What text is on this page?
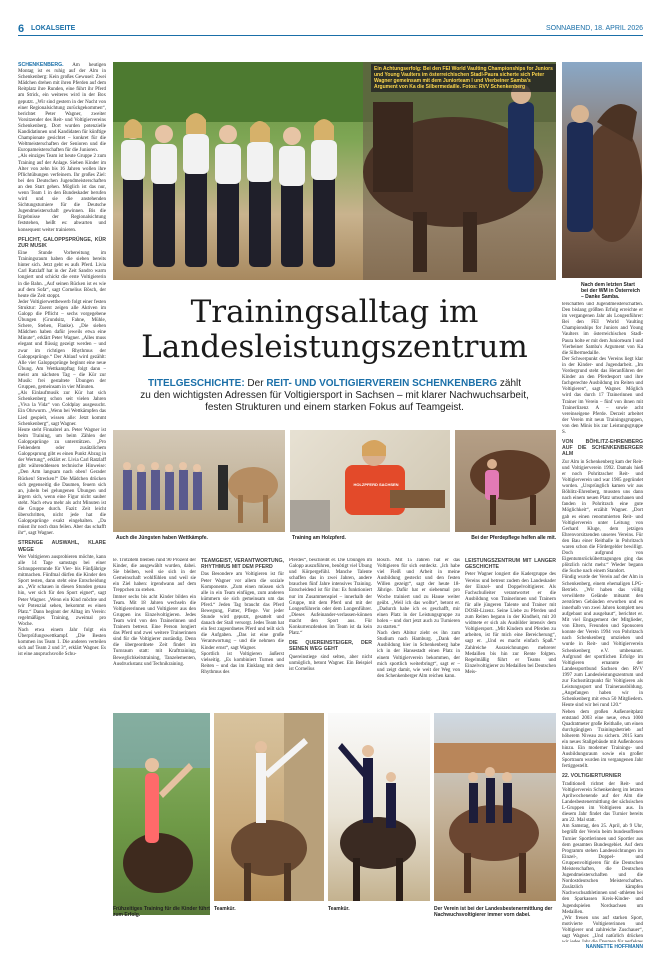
6 LOKALSEITE	SONNABEND, 18. APRIL 2026

SCHENKENBERG. Am heutigen Montag ist es ruhig auf der Alm in Schenkenberg: Kein großes Gewusel: Zwei Mädchen drehen mit ihren Pferden auf dem Reitplatz ihre Runden, eine führt ihr Pferd am Strick, ein weiteres wird in der Box geputzt. „Wir sind gestern in der Nacht von einer Regionalsichtung zurückgekommen“, berichtet Peter Wagner, zweiter Vorsitzender des Reit- und Voltigiervereins Schenkenberg. Dort wurden potenzielle Kandidatinnen und Kandidaten für künftige Championate gesichtet – konkret für die Weltmeisterschaften der Senioren und die Europameisterschaften für die Junioren.

„Als einziges Team ist heute Gruppe 2 zum Training auf der Anlage. Sieben Kinder im Alter von zehn bis 16 Jahren wollen ihre Pflichtübungen verfeinern. Ihr großes Ziel: bei den Deutschen Jugendmeisterschaften an den Start gehen. Möglich ist das nur, wenn Team 1 in den Bundeskader berufen wird und sie die anstehenden Sichtungsturniere für die Deutsche Jugendmeisterschaft gewinnen. Bis die Ergebnisse der Regionalsichtung feststehen, heißt es: abwarten und konsequent weiter trainieren.

PFLICHT, GALOPPSPRÜNGE, KÜR ZUR MUSIK

Eine Stunde Vorbereitung im Trainingsraum haben die sieben bereits hinter sich. Jetzt geht es aufs Pferd. Livia Carl Ratzlaff hat in der Zeit Sandro warm longiert und schickt die erste Voltigiererin in die Bahn. „Auf seinen Rücken ist es wie auf dem Sofa“, sagt Cornelius Bösch, der heute die Zeit stoppt.

Jeder Voltigierwettbewerb folgt einer festen Struktur: Zuerst zeigen alle Aktiven im Galopp die Pflicht – sechs vorgegebene Übungen (Grundsitz, Fahne, Mühle, Schere, Stehen, Flanke). „Die sieben Mädchen haben dafür jeweils etwa eine Minute“, erklärt Peter Wagner. „Alles muss elegant und flüssig gezeigt werden – und zwar im richtigen Rhythmus der Galoppsprünge.“ Der Ablauf wird gezählt: Alle vier Galoppsprünge beginnt eine neue Übung. Am Wettkampftag folgt dann – meist am nächsten Tag – die Kür zur Musik: frei gestaltete Übungen der Gruppen, gemeinsam in vier Minuten.

„Als Einlaufmusik zur Kür hat sich Schenkenberg schon seit vielen Jahren „Viva la Vida“ von Coldplay ausgesucht. Ein Ohrwurm. „Wenn bei Wettkämpfen das Lied gespielt, wissen alle: Jetzt kommt Schenkenberg“, sagt Wagner.

Heute steht Finnabrel an. Peter Wagner ist beim Training, um beim Zählen der Galoppsprünge zu unterstützen. „Pro Fehlendem oder zusätzlichem Galoppsprung gibt es einen Punkt Abzug in der Wertung“, erklärt er. Livia Carl Ratzlaff gibt währenddessen technische Hinweise: „Den Arm langsam nach oben! Gerader Rücken! Strecken!“ Die Mädchen drücken sich gegenseitig die Daumen, feuern sich an, jubeln bei gelungenen Übungen und ärgern sich, wenn eine Figur nicht sauber steht. Nach etwa mehr als acht Minuten ist die Gruppe durch. Fazit: Zeit leicht überschritten, nicht jede hat die Galoppsprünge exakt eingehalten. „Da müsst ihr noch dran feilen. Aber das schafft ihr“, sagt Wagner.

STRENGE AUSWAHL, KLARE WEGE

Wer Voltigieren ausprobieren möchte, kann alle 14 Tage samstags bei einer Schnupperstunde für Vier- bis Fünfjährige mitmachen. Fünfmal dürfen die Kinder den Sport testen, dann steht eine Entscheidung an. „Wir schauen in diesen Stunden genau hin, wer sich für den Sport eignet“, sagt Peter Wagner. „Wenn ein Kind möchte und wir Potenzial sehen, bekommt es einen Platz.“ Dann beginnt der Alltag im Verein: regelmäßiges Training, zweimal pro Woche.

Nach etwa einem Jahr folgt ein Überprüfungswettkampf. „Die Besten kommen ins Team 1. Die anderen verteilen sich auf Team 2 und 3“, erklärt Wagner. Es ist eine anspruchsvolle Schu-

Ein Achtungserfolg: Bei den FEI World Vaulting Championships for Juniors und Young Vaulters im österreichischen Stadl-Paura sicherte sich Peter Wagner gemeinsam mit dem Juniorteam I und Vierbeiner Samba's Argument von Ka die Silbermedaille. Fotos: RVV Schenkenberg
Nach dem letzten Start bei der WM in Österreich – Danke Samba.
Trainingsalltag im
Landesleistungszentrum
TITELGESCHICHTE: Der REIT- UND VOLTIGIERVEREIN SCHENKENBERG zählt
zu den wichtigsten Adressen für Voltigiersport in Sachsen – mit klarer Nachwuchsarbeit,
festen Strukturen und einem starken Fokus auf Teamgeist.
HOLZPFERD SACHSEN
Auch die Jüngsten haben Wettkämpfe.	Training am Holzpferd.	Bei der Pferdepflege helfen alle mit.

le. Trotzdem bleiben rund 90 Prozent der Kinder, die ausgewählt wurden, dabei. Sie bleiben, weil sie sich in der Gemeinschaft wohlfühlen und weil sie ein Ziel haben: irgendwann auf dem Treppchen zu stehen.

Immer sechs bis acht Kinder bilden ein Team. Mit 18 Jahren wechseln die Voltigiererinnen und Voltigierer aus den Gruppen ins Einzelvoltigieren. Jedes Team wird von den Trainerinnen und Trainern betreut. Eine Person longiert das Pferd und zwei weitere Trainerinnen sind für die Voltigierer zuständig. Denn die übergeordnete Zeit findet im Turnraum statt: mit Krafttraining, Beweglichkeitstraining, Tanzelementen, Ausdruckstanz und Technikraining.

TEAMGEIST, VERANTWORTUNG, RHYTHMUS MIT DEM PFERD

Das Besondere am Voltigieren ist für Peter Wagner vor allem die soziale Komponente. „Zum einen müssen sich alle in ein Team einfügen, zum anderen kümmern sie sich gemeinsam um das Pferd.“ Jeden Tag braucht das Pferd Bewegung, Futter, Pflege. Vor jeder Stunde wird geputzt, gesattelt und danach der Stall versorgt. Jedes Team hat ein fest zugeordnetes Pferd und teilt sich die Aufgaben. „Das ist eine große Verantwortung – und die nehmen die Kinder ernst“, sagt Wagner.

Sportlich ist Voltigieren äußerst vielseitig. „Es kombiniert Turnen und Reiten – und das im Einklang mit dem Rhythmus des

Pferdes“, beschreibt er. Die Übungen im Galopp auszuführen, benötigt viel Übung und Körpergefühl. Manche Talente schaffen das in zwei Jahren, andere brauchen fünf Jahre intensives Training. Entscheidend ist für ihn: Es funktioniert nur im Zusammenspiel – innerhalb der Gruppe, mit dem Pferd und mit der Longenführerin oder dem Longenführer. „Dieses Aufeinander-verlassen-können macht den Sport aus. Für Konkurrenzdenken im Team ist da kein Platz.“

DIE QUEREINSTEIGER, DER SEINEN WEG GEHT

Quereinstiege sind selten, aber nicht unmöglich, betont Wagner. Ein Beispiel ist Cornelius

Bösch. Mit 15 Jahren hat er das Voltigieren für sich entdeckt. „Ich habe viel Fleiß und Arbeit in meine Ausbildung gesteckt und den festen Willen gezeigt“, sagt der heute 18-Jährige. Dafür hat er siebenmal pro Woche trainiert und zu Hause weiter geübt. „Weil ich das wollte“, betont er. „Dadurch habe ich es geschafft, mir einen Platz in der Leistungsgruppe zu holen – und dort jetzt auch zu Turnieren zu starten.“

Nach dem Abitur zieht es ihn zum Studium nach Hamburg. „Dank der Ausbildung hier in Schenkenberg habe ich in der Hansestadt einen Platz in einem Voltigierverein bekommen, der mich sportlich weiterbringt“, sagt er – und zeigt damit, wie weit der Weg von den Schenkenberger Alm reichen kann.

LEISTUNGSZENTRUM MIT LANGER GESCHICHTE

Peter Wagner longiert die Kadergruppe des Vereins und betreut zudem den Landeskader der Einzel- und Doppelvoltigierer. Als Fachschulleiter verantwortet er die Ausbildung von Trainerinnen und Trainern für alle jüngeren Talente und Trainer mit DOSB-Lizenz. Seine Liebe zu Pferden und zum Reiten begann in der Kindheit, mit 20 widmete er sich als Ausbilder intensiv dem Voltigiersport. „Mit Kindern und Pferden zu arbeiten, ist für mich eine Bereicherung“, sagt er. „Und es macht einfach Spaß.“ Zahlreiche Auszeichnungen mehrerer Medaillen bis hin zur Rente folgten. Regelmäßig führt er Teams und Einzelvoltigierer zu Medaillen bei Deutschen Meis-

terschaften und Jugendmeisterschaften. Den bislang größten Erfolg erreichte er im vergangenen Jahr als Longenführer: Bei den FEI World Vaulting Championships for Juniors and Young Vaulters im österreichischen Stadl-Paura holte er mit dem Juniorteam I und Vierbeiner Samba's Argument von Ka die Silbermedaille.

Der Schwerpunkt des Vereins liegt klar in der Kinder- und Jugendarbeit. „Im Vordergrund steht das Heranführen der Kinder an den Pferdesport und ihre fachgerechte Ausbildung im Reiten und Voltigieren“, sagt Wagner. Möglich wird das durch 17 Trainerinnen und Trainer im Verein – fünf von ihnen mit Trainerlizenz A – sowie acht vereinseigene Pferde. Derzeit arbeitet der Verein mit neun Trainingsgruppen, von den Minis bis zur Leistungsgruppe S.

VON BÖHLITZ-EHRENBERG AUF DIE SCHENKENBERGER ALM

Zur Alm in Schenkenberg kam der Reit- und Voltigierverein 1992. Damals hieß er noch Pohritzscher Reit- und Voltigierverein und war 1985 gegründet worden. „Ursprünglich kamen wir aus Böhlitz-Ehrenberg, mussten uns dann nach einem neuen Platz umschauen und fanden in Pohritzsch eine gute Möglichkeit“, erzählt Wagner. „Dort gab es einen renommierten Reit- und Voltigierverein unter Leitung von Gerhard Kluge, dem jetzigen Ehrenvorsitzenden unseres Vereins. Für den Bau einer Reithalle in Pohritzsch waren schon die Fördergelder bewilligt. Doch aufgrund von Eigentumsrückübertragungen ging das plötzlich nicht mehr.“ Wieder begann die Suche nach einem Standort.

Fündig wurde der Verein auf der Alm in Schenkenberg, einem ehemaligen LPG-Betrieb. „Wir haben das völlig verwilderte Gelände mitsamt den zerstörten Gebäuden erworben und es innerhalb von zwei Jahren komplett neu aufgebaut und ausgebaut“, berichtet er. Mit viel Engagement der Mitglieder, von Eltern, Freunden und Sponsoren konnte der Verein 1994 von Pohritzsch nach Schenkenberg umziehen und wurde in Reit- und Voltigierverein Schenkenberg e.V. umbenannt. Aufgrund der sportlichen Erfolge im Voltigieren ernannte der Landessportbund Sachsen den RVV 1997 zum Landesleistungszentrum und zur Fachsstützpunkt für Voltigieren als Leistungssport und Trainerausbildung. „Angefangen haben wir in Schenkenberg mit etwa 50 Mitgliedern. Heute sind wir bei rund 120.“

Neben dem großen Außenreitplatz entstand 2003 eine neue, etwa 1000 Quadratmeter große Reithalle, um einen durchgängigen Trainingsbetrieb auf höherem Niveau zu sichern. 2015 kam ein neues Stallgebäude mit Außenboxen hinzu. Ein moderner Trainings- und Ausbildungsraum sowie ein großer Sportraum wurden im vergangenen Jahr fertiggestellt.

22. VOLTIGIERTURNIER

Traditionell richtet der Reit- und Voltigierverein Schenkenberg im letzten Aprilwochenende auf der Alm die Landesbestenermittlung der sächsischen L-Gruppen im Voltigieren aus. In diesem Jahr findet das Turnier bereits am 22. Mal statt.

Am Samstag, den 25. April, ab 9 Uhr, begrüßt der Verein beim bundesoffenen Turnier Sportlerinnen und Sportler aus dem gesamten Bundesgebiet. Auf dem Programm stehen Landessichtungen im Einzel-, Doppel- und Gruppenvoltigieren für die Deutschen Meisterschaften, die Deutschen Jugendmeisterschaften und die Nordostdeutschen Meisterschaften. Zusätzlich kämpfen Nachwuchsathletinnen und -athleten bei den Sparkassen Kreis-Kinder- und Jugendspielen Nordsachsen um Medaillen.

„Wir freuen uns auf starken Sport, motivierte Voltigiererinnen und Voltigierer und zahlreiche Zuschauer“, sagt Wagner. „Und natürlich drücken

NANNETTE HOFFMANN
Frühzeitiges Training für die Kinder führt zum Erfolg.
Teamkür.	Teamkür.	Der Verein ist bei der Landesbestenermittlung der Nachwuchsvoltigierer immer vorn dabei.
